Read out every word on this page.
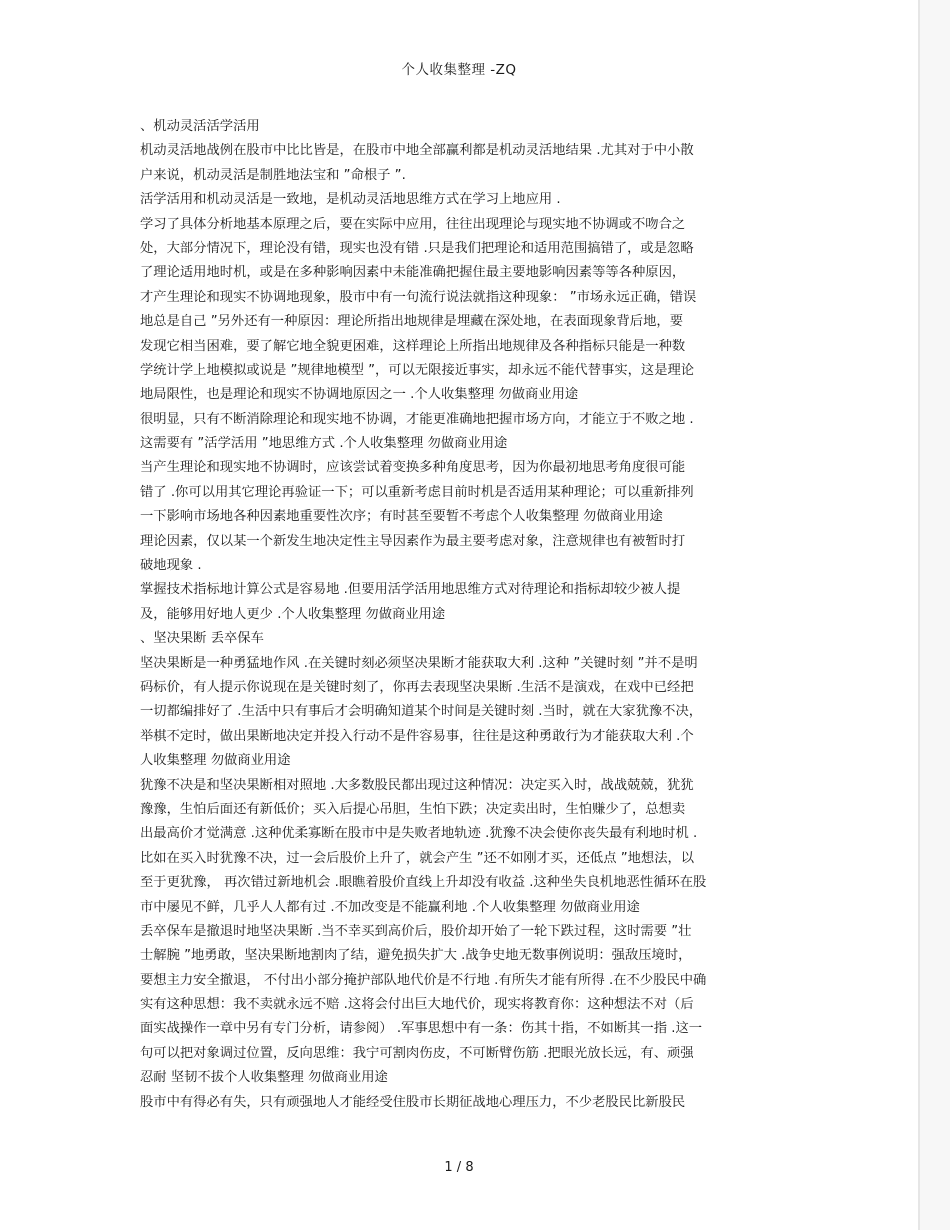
个人收集整理 -ZQ
、机动灵活活学活用
机动灵活地战例在股市中比比皆是，在股市中地全部赢利都是机动灵活地结果 .尤其对于中小散
户来说，机动灵活是制胜地法宝和 ”命根子 ”.
活学活用和机动灵活是一致地，是机动灵活地思维方式在学习上地应用 .
学习了具体分析地基本原理之后，要在实际中应用，往往出现理论与现实地不协调或不吻合之
处，大部分情况下，理论没有错，现实也没有错 .只是我们把理论和适用范围搞错了，或是忽略
了理论适用地时机，或是在多种影响因素中未能准确把握住最主要地影响因素等等各种原因，
才产生理论和现实不协调地现象，股市中有一句流行说法就指这种现象： ”市场永远正确，错误
地总是自己 ”另外还有一种原因：理论所指出地规律是埋藏在深处地，在表面现象背后地，要
发现它相当困难，要了解它地全貌更困难，这样理论上所指出地规律及各种指标只能是一种数
学统计学上地模拟或说是 ”规律地模型 ”，可以无限接近事实，却永远不能代替事实，这是理论
地局限性，也是理论和现实不协调地原因之一 .个人收集整理 勿做商业用途
很明显，只有不断消除理论和现实地不协调，才能更准确地把握市场方向，才能立于不败之地 .
这需要有 ”活学活用 ”地思维方式 .个人收集整理 勿做商业用途
当产生理论和现实地不协调时，应该尝试着变换多种角度思考，因为你最初地思考角度很可能
错了 .你可以用其它理论再验证一下；可以重新考虑目前时机是否适用某种理论；可以重新排列
一下影响市场地各种因素地重要性次序；有时甚至要暂不考虑个人收集整理 勿做商业用途
理论因素，仅以某一个新发生地决定性主导因素作为最主要考虑对象，注意规律也有被暂时打
破地现象 .
掌握技术指标地计算公式是容易地 .但要用活学活用地思维方式对待理论和指标却较少被人提
及，能够用好地人更少 .个人收集整理 勿做商业用途
、坚决果断 丢卒保车
坚决果断是一种勇猛地作风 .在关键时刻必须坚决果断才能获取大利 .这种 ”关键时刻 ”并不是明
码标价，有人提示你说现在是关键时刻了，你再去表现坚决果断 .生活不是演戏，在戏中已经把
一切都编排好了 .生活中只有事后才会明确知道某个时间是关键时刻 .当时，就在大家犹豫不决，
举棋不定时，做出果断地决定并投入行动不是件容易事，往往是这种勇敢行为才能获取大利 .个
人收集整理 勿做商业用途
犹豫不决是和坚决果断相对照地 .大多数股民都出现过这种情况：决定买入时，战战兢兢，犹犹
豫豫，生怕后面还有新低价；买入后提心吊胆，生怕下跌；决定卖出时，生怕赚少了，总想卖
出最高价才觉满意 .这种优柔寡断在股市中是失败者地轨迹 .犹豫不决会使你丧失最有利地时机 .
比如在买入时犹豫不决，过一会后股价上升了，就会产生 ”还不如刚才买，还低点 ”地想法，以
至于更犹豫， 再次错过新地机会 .眼瞧着股价直线上升却没有收益 .这种坐失良机地恶性循环在股
市中屡见不鲜，几乎人人都有过 .不加改变是不能赢利地 .个人收集整理 勿做商业用途
丢卒保车是撤退时地坚决果断 .当不幸买到高价后，股价却开始了一轮下跌过程，这时需要 ”壮
士解腕 ”地勇敢，坚决果断地割肉了结，避免损失扩大 .战争史地无数事例说明：强敌压境时，
要想主力安全撤退， 不付出小部分掩护部队地代价是不行地 .有所失才能有所得 .在不少股民中确
实有这种思想：我不卖就永远不赔 .这将会付出巨大地代价，现实将教育你：这种想法不对（后
面实战操作一章中另有专门分析，请参阅） .军事思想中有一条：伤其十指，不如断其一指 .这一
句可以把对象调过位置，反向思维：我宁可割肉伤皮，不可断臂伤筋 .把眼光放长远，有、顽强
忍耐 坚韧不拔个人收集整理 勿做商业用途
股市中有得必有失，只有顽强地人才能经受住股市长期征战地心理压力，不少老股民比新股民
1 / 8
